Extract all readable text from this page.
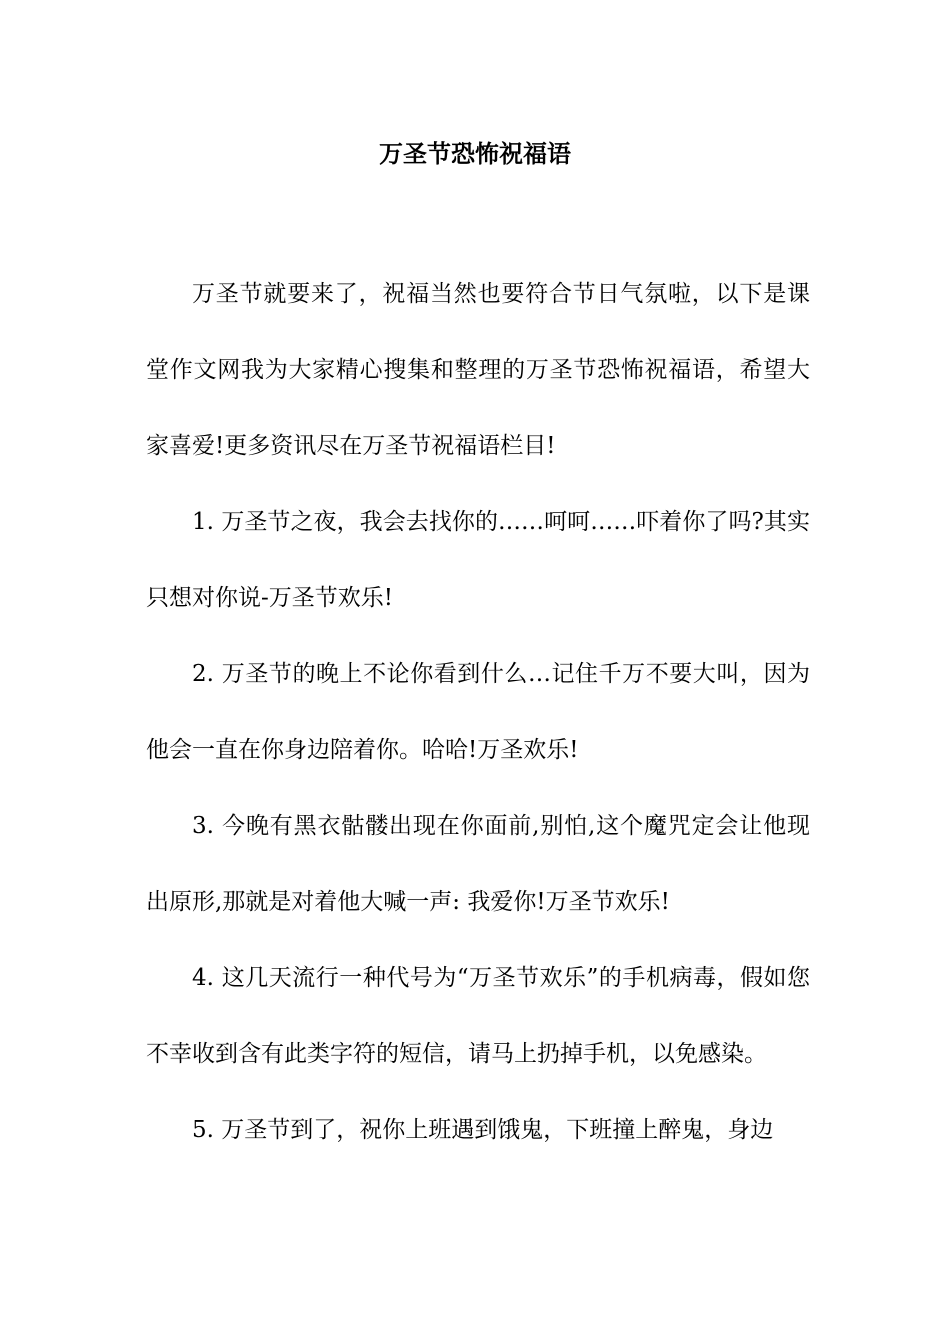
万圣节恐怖祝福语

万圣节就要来了，祝福当然也要符合节日气氛啦，以下是课堂作文网我为大家精心搜集和整理的万圣节恐怖祝福语，希望大家喜爱!更多资讯尽在万圣节祝福语栏目!

1. 万圣节之夜，我会去找你的……呵呵……吓着你了吗?其实只想对你说-万圣节欢乐!

2. 万圣节的晚上不论你看到什么…记住千万不要大叫，因为他会一直在你身边陪着你。哈哈!万圣欢乐!

3. 今晚有黑衣骷髅出现在你面前,别怕,这个魔咒定会让他现出原形,那就是对着他大喊一声: 我爱你!万圣节欢乐!

4. 这几天流行一种代号为“万圣节欢乐”的手机病毒，假如您不幸收到含有此类字符的短信，请马上扔掉手机，以免感染。

5. 万圣节到了，祝你上班遇到饿鬼，下班撞上醉鬼，身边
